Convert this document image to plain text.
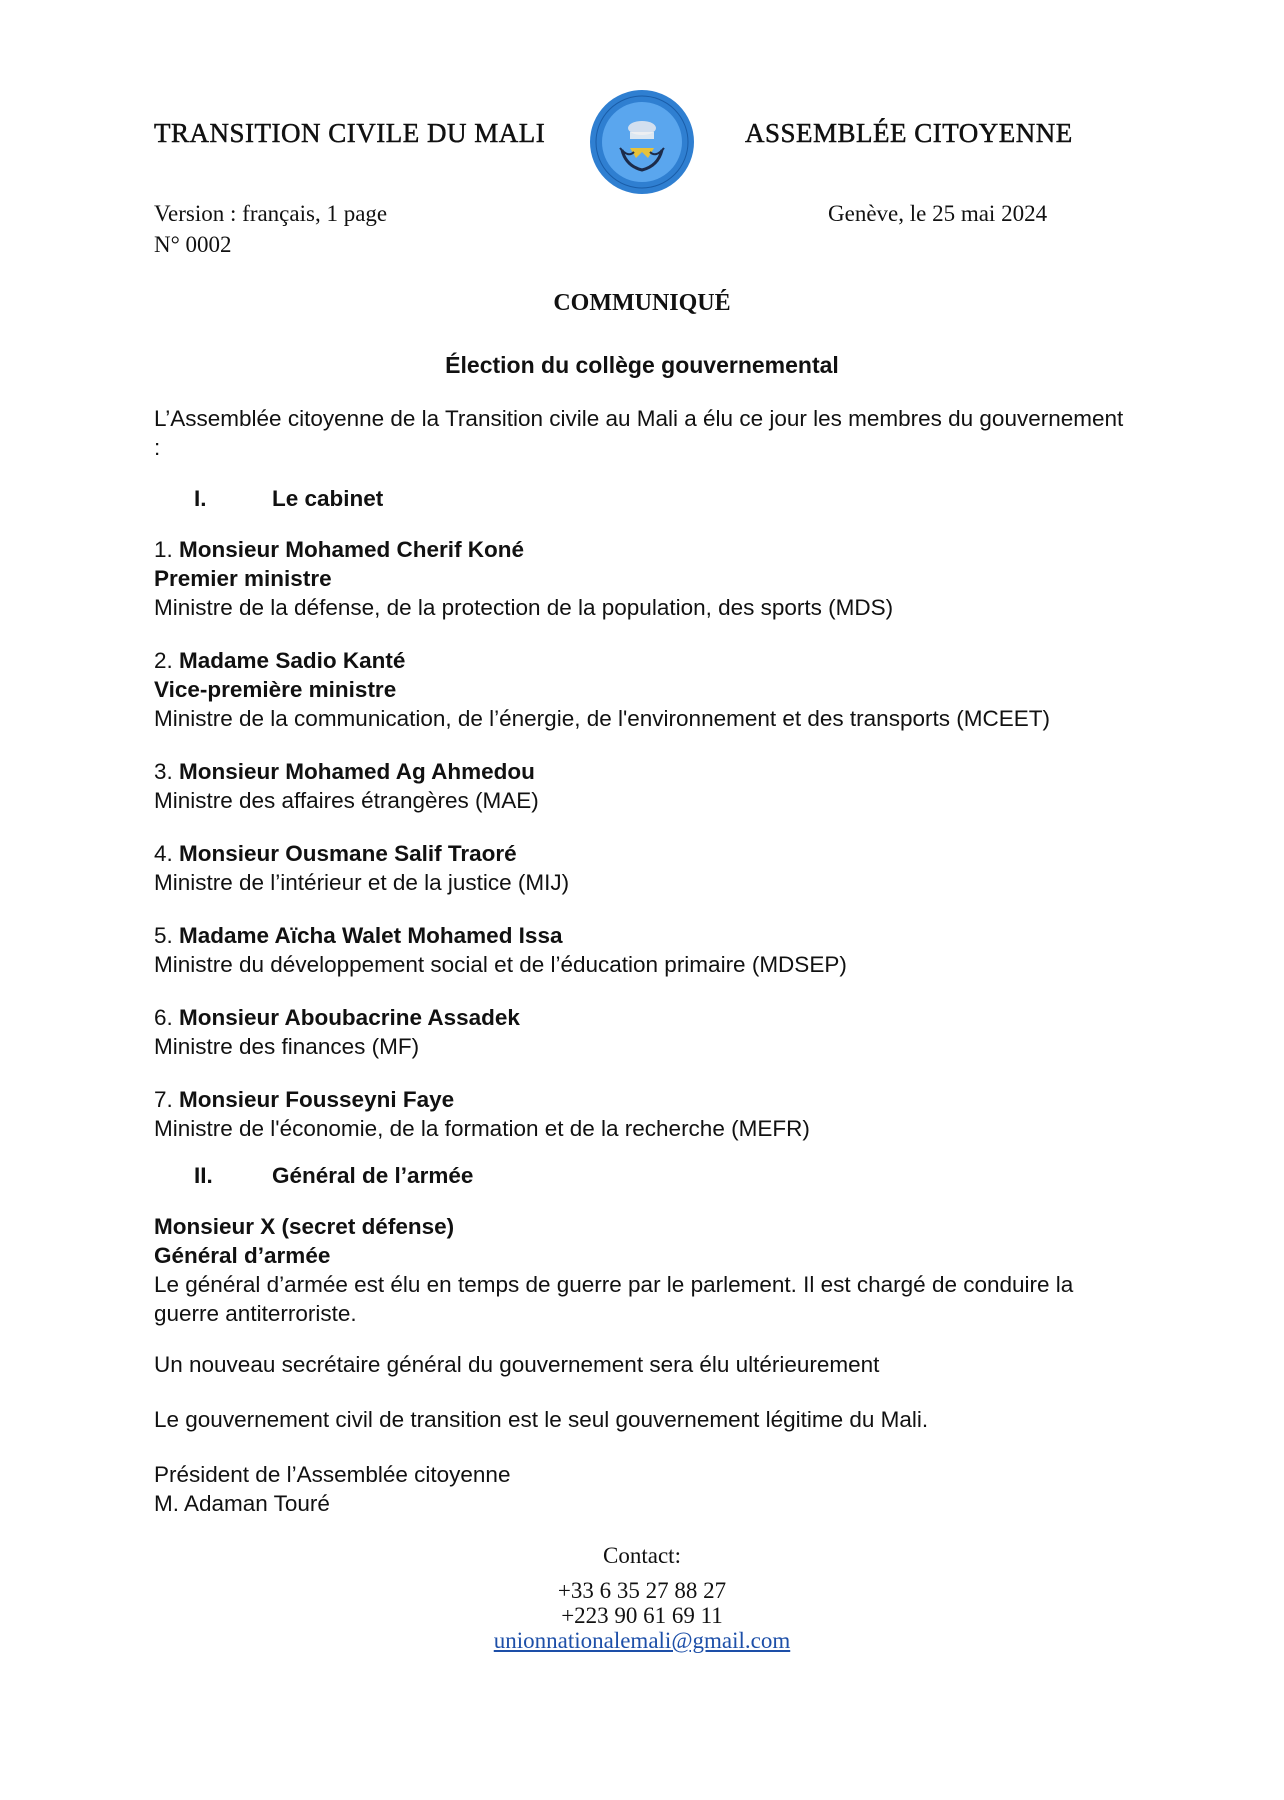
TRANSITION CIVILE DU MALI	ASSEMBLÉE CITOYENNE
Version : français, 1 page
N° 0002
Genève, le 25 mai 2024
COMMUNIQUÉ
Élection du collège gouvernemental

L’Assemblée citoyenne de la Transition civile au Mali a élu ce jour les membres du gouvernement :

I.	Le cabinet
1. Monsieur Mohamed Cherif Koné
Premier ministre
Ministre de la défense, de la protection de la population, des sports (MDS)
2. Madame Sadio Kanté
Vice-première ministre
Ministre de la communication, de l’énergie, de l'environnement et des transports (MCEET)
3. Monsieur Mohamed Ag Ahmedou
Ministre des affaires étrangères (MAE)
4. Monsieur Ousmane Salif Traoré
Ministre de l’intérieur et de la justice (MIJ)
5. Madame Aïcha Walet Mohamed Issa
Ministre du développement social et de l’éducation primaire (MDSEP)
6. Monsieur Aboubacrine Assadek
Ministre des finances (MF)
7. Monsieur Fousseyni Faye
Ministre de l'économie, de la formation et de la recherche (MEFR)
II.	Général de l’armée
Monsieur X (secret défense)
Général d’armée
Le général d’armée est élu en temps de guerre par le parlement. Il est chargé de conduire la guerre antiterroriste.

Un nouveau secrétaire général du gouvernement sera élu ultérieurement

Le gouvernement civil de transition est le seul gouvernement légitime du Mali.

Président de l’Assemblée citoyenne
M. Adaman Touré
Contact:
+33 6 35 27 88 27
+223 90 61 69 11
unionnationalemali@gmail.com
